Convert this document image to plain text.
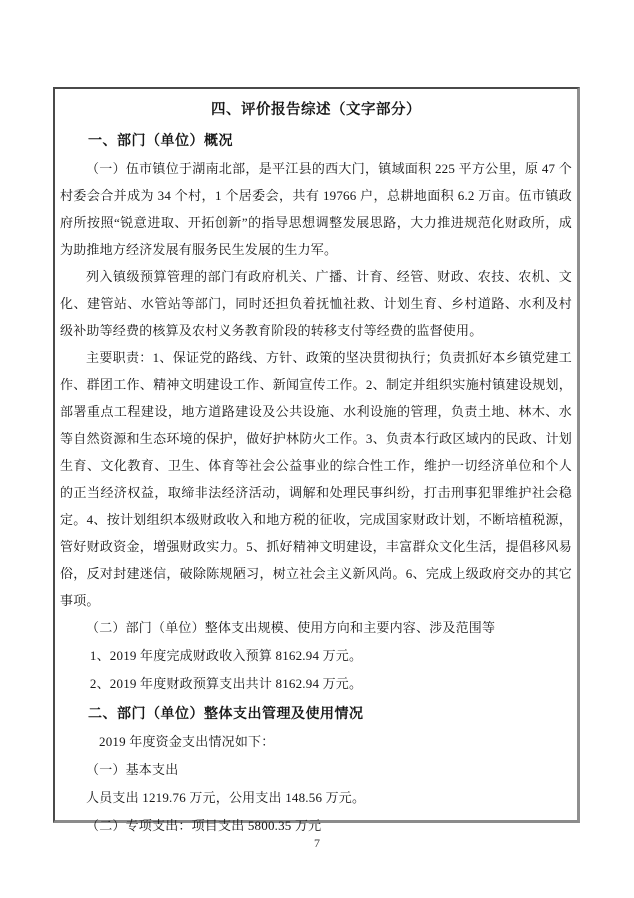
四、评价报告综述（文字部分）
一、部门（单位）概况

（一）伍市镇位于湖南北部，是平江县的西大门，镇域面积 225 平方公里，原 47 个村委会合并成为 34 个村，1 个居委会，共有 19766 户，总耕地面积 6.2 万亩。伍市镇政府所按照“锐意进取、开拓创新”的指导思想调整发展思路，大力推进规范化财政所，成为助推地方经济发展有服务民生发展的生力军。

列入镇级预算管理的部门有政府机关、广播、计育、经管、财政、农技、农机、文化、建管站、水管站等部门，同时还担负着抚恤社救、计划生育、乡村道路、水利及村级补助等经费的核算及农村义务教育阶段的转移支付等经费的监督使用。

主要职责：1、保证党的路线、方针、政策的坚决贯彻执行；负责抓好本乡镇党建工作、群团工作、精神文明建设工作、新闻宣传工作。2、制定并组织实施村镇建设规划，部署重点工程建设，地方道路建设及公共设施、水利设施的管理，负责土地、林木、水等自然资源和生态环境的保护，做好护林防火工作。3、负责本行政区域内的民政、计划生育、文化教育、卫生、体育等社会公益事业的综合性工作，维护一切经济单位和个人的正当经济权益，取缔非法经济活动，调解和处理民事纠纷，打击刑事犯罪维护社会稳定。4、按计划组织本级财政收入和地方税的征收，完成国家财政计划，不断培植税源，管好财政资金，增强财政实力。5、抓好精神文明建设，丰富群众文化生活，提倡移风易俗，反对封建迷信，破除陈规陋习，树立社会主义新风尚。6、完成上级政府交办的其它事项。

（二）部门（单位）整体支出规模、使用方向和主要内容、涉及范围等

1、2019 年度完成财政收入预算 8162.94 万元。

2、2019 年度财政预算支出共计 8162.94 万元。

二、部门（单位）整体支出管理及使用情况

2019 年度资金支出情况如下：

（一）基本支出

人员支出 1219.76 万元，公用支出 148.56 万元。

（二）专项支出：项目支出 5800.35 万元

7
